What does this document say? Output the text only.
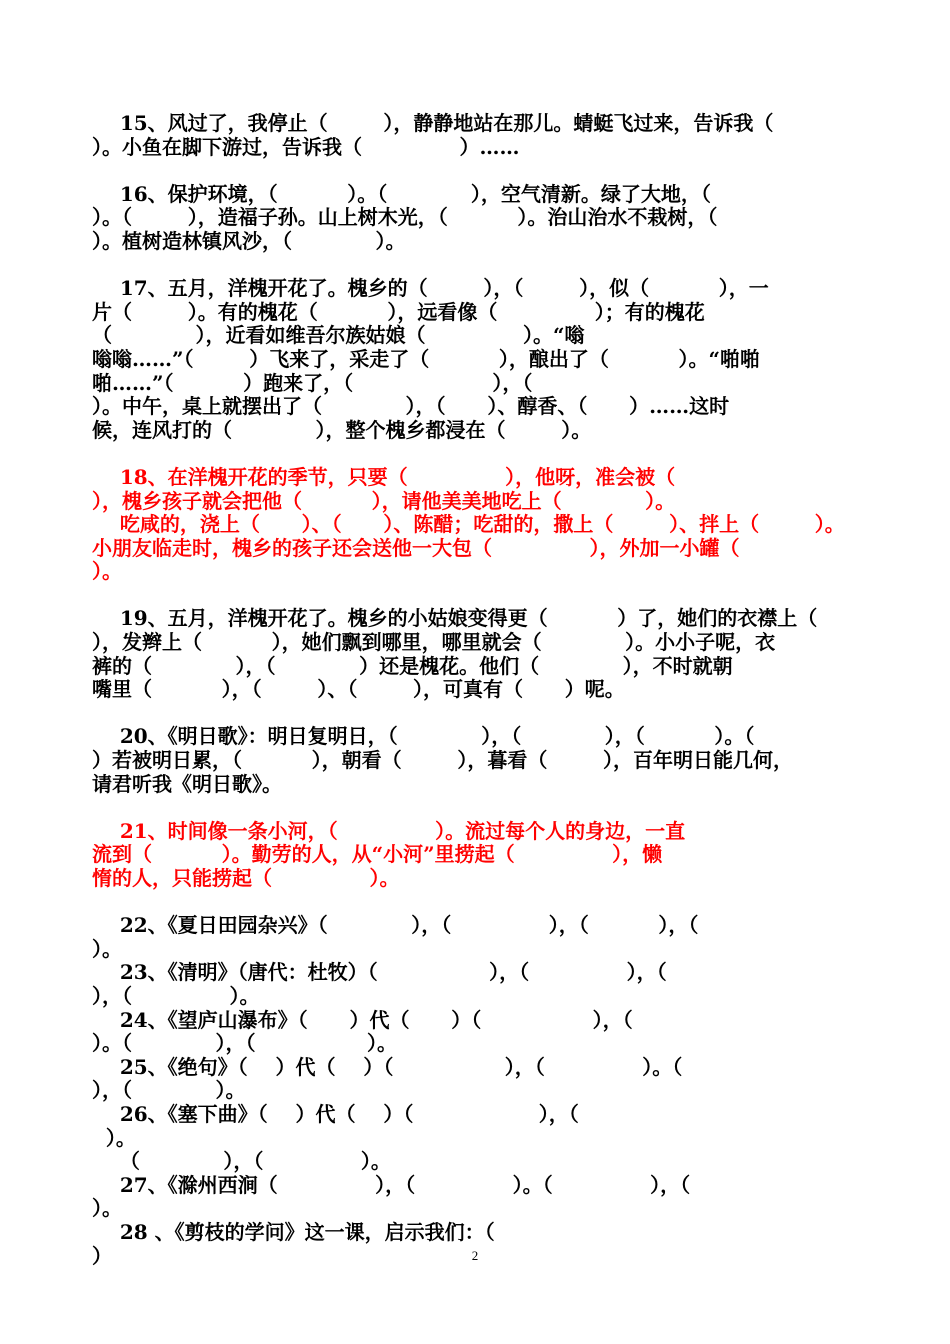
15、风过了，我停止（        ），静静地站在那儿。蜻蜓飞过来，告诉我（
）。小鱼在脚下游过，告诉我（              ）……
16、保护环境，（          ）。（            ），空气清新。绿了大地，（
）。（        ），造福子孙。山上树木光，（          ）。治山治水不栽树，（
）。植树造林镇风沙，（            ）。
17、五月，洋槐开花了。槐乡的（        ），（        ），似（          ），一
片（        ）。有的槐花（          ），远看像（              ）；有的槐花
（            ），近看如维吾尔族姑娘（              ）。“嗡
嗡嗡……”（        ）飞来了，采走了（          ），酿出了（          ）。“啪啪
啪……”（          ）跑来了，（                    ），（
）。中午，桌上就摆出了（            ），（      ）、醇香、（      ）……这时
候，连风打的（            ），整个槐乡都浸在（        ）。
18、在洋槐开花的季节，只要（              ），他呀，准会被（
），槐乡孩子就会把他（          ），请他美美地吃上（            ）。
吃咸的，浇上（      ）、（      ）、陈醋；吃甜的，撒上（        ）、拌上（        ）。
小朋友临走时，槐乡的孩子还会送他一大包（              ），外加一小罐（
）。
19、五月，洋槐开花了。槐乡的小姑娘变得更（          ）了，她们的衣襟上（
），发辫上（          ），她们飘到哪里，哪里就会（            ）。小小子呢，衣
裤的（            ），（            ）还是槐花。他们（            ），不时就朝
嘴里（          ），（        ）、（        ），可真有（      ）呢。
20、《明日歌》：明日复明日，（            ），（            ），（          ）。（
）若被明日累，（          ），朝看（        ），暮看（        ），百年明日能几何，
请君听我《明日歌》。
21、时间像一条小河，（              ）。流过每个人的身边，一直
流到（          ）。勤劳的人，从“小河”里捞起（              ），懒
惰的人，只能捞起（              ）。
22、《夏日田园杂兴》（            ），（              ），（          ），（
）。
23、《清明》（唐代：杜牧）（                ），（              ），（
），（              ）。
24、《望庐山瀑布》（      ）代（      ）（                ），（
）。（            ），（                ）。
25、《绝句》（    ）代（    ）（                ），（              ）。（
），（            ）。
26、《塞下曲》（    ）代（    ）（                  ），（
）。
（            ），（              ）。
27、《滁州西涧（              ），（              ）。（              ），（
）。
28 、《剪枝的学问》这一课，启示我们：（
）	2
